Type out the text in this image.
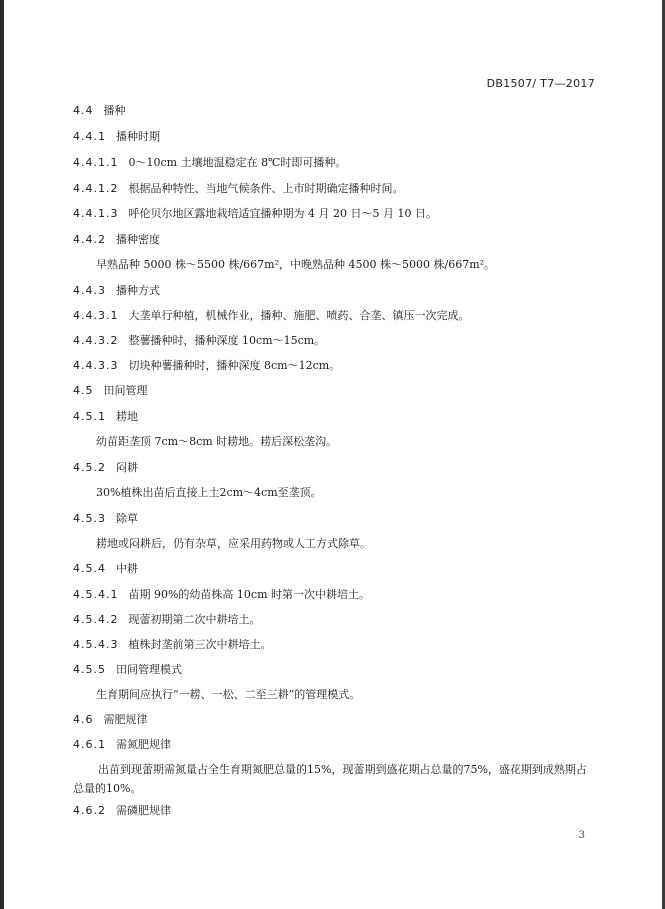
DB1507/ T7—2017
4.4 播种
4.4.1 播种时期
4.4.1.1 0～10cm 土壤地温稳定在 8℃时即可播种。
4.4.1.2 根据品种特性、当地气候条件、上市时期确定播种时间。
4.4.1.3 呼伦贝尔地区露地栽培适宜播种期为 4 月 20 日～5 月 10 日。
4.4.2 播种密度
早熟品种 5000 株～5500 株/667m²，中晚熟品种 4500 株～5000 株/667m²。
4.4.3 播种方式
4.4.3.1 大垄单行种植，机械作业，播种、施肥、喷药、合垄、镇压一次完成。
4.4.3.2 整薯播种时，播种深度 10cm～15cm。
4.4.3.3 切块种薯播种时，播种深度 8cm～12cm。
4.5 田间管理
4.5.1 耢地
幼苗距垄顶 7cm～8cm 时耢地。耢后深松垄沟。
4.5.2 闷耕
30%植株出苗后直接上土2cm～4cm至垄顶。
4.5.3 除草
耢地或闷耕后，仍有杂草，应采用药物或人工方式除草。
4.5.4 中耕
4.5.4.1 苗期 90%的幼苗株高 10cm 时第一次中耕培土。
4.5.4.2 现蕾初期第二次中耕培土。
4.5.4.3 植株封垄前第三次中耕培土。
4.5.5 田间管理模式
生育期间应执行“一耢、一松、二至三耕”的管理模式。
4.6 需肥规律
4.6.1 需氮肥规律
出苗到现蕾期需氮量占全生育期氮肥总量的15%，现蕾期到盛花期占总量的75%，盛花期到成熟期占总量的10%。
4.6.2 需磷肥规律
3
